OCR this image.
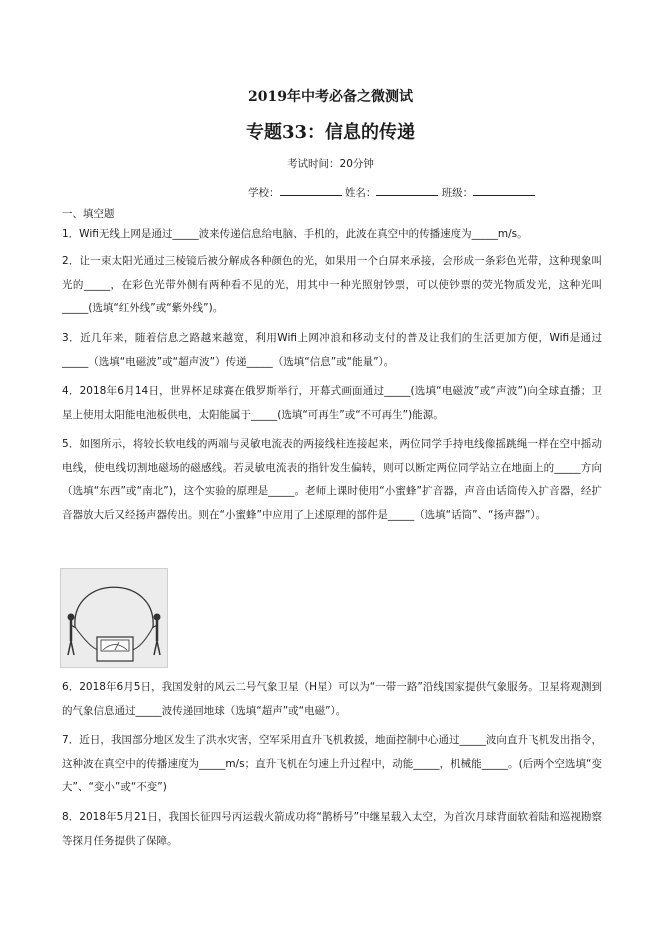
2019年中考必备之微测试
专题33：信息的传递
考试时间：20分钟
学校：	姓名：	班级：
一、填空题
1．Wifi无线上网是通过_____波来传递信息给电脑、手机的，此波在真空中的传播速度为_____m/s。
2．让一束太阳光通过三棱镜后被分解成各种颜色的光，如果用一个白屏来承接，会形成一条彩色光带，这种现象叫光的_____，在彩色光带外侧有两种看不见的光，用其中一种光照射钞票，可以使钞票的荧光物质发光，这种光叫_____(选填“红外线”或“紫外线”)。
3．近几年来，随着信息之路越来越宽，利用Wifi上网冲浪和移动支付的普及让我们的生活更加方便，Wifi是通过_____（选填“电磁波”或“超声波”）传递_____（选填“信息”或“能量”）。
4．2018年6月14日，世界杯足球赛在俄罗斯举行，开幕式画面通过_____(选填“电磁波”或“声波”)向全球直播；卫星上使用太阳能电池板供电，太阳能属于_____(选填“可再生”或“不可再生”)能源。
5．如图所示，将较长软电线的两端与灵敏电流表的两接线柱连接起来，两位同学手持电线像摇跳绳一样在空中摇动电线，使电线切割地磁场的磁感线。若灵敏电流表的指针发生偏转，则可以断定两位同学站立在地面上的_____方向（选填“东西”或“南北”)，这个实验的原理是_____。老师上课时使用“小蜜蜂”扩音器，声音由话筒传入扩音器，经扩音器放大后又经扬声器传出。则在“小蜜蜂”中应用了上述原理的部件是_____（选填“话筒”、“扬声器”）。
6．2018年6月5日，我国发射的风云二号气象卫星（H星）可以为“一带一路”沿线国家提供气象服务。卫星将观测到的气象信息通过_____波传递回地球（选填“超声”或“电磁”）。
7．近日，我国部分地区发生了洪水灾害，空军采用直升飞机救援，地面控制中心通过_____波向直升飞机发出指令，这种波在真空中的传播速度为_____m/s；直升飞机在匀速上升过程中，动能_____，机械能_____。(后两个空选填“变大”、“变小”或“不变”)
8．2018年5月21日，我国长征四号丙运载火箭成功将“鹊桥号”中继星载入太空，为首次月球背面软着陆和巡视勘察等探月任务提供了保障。
